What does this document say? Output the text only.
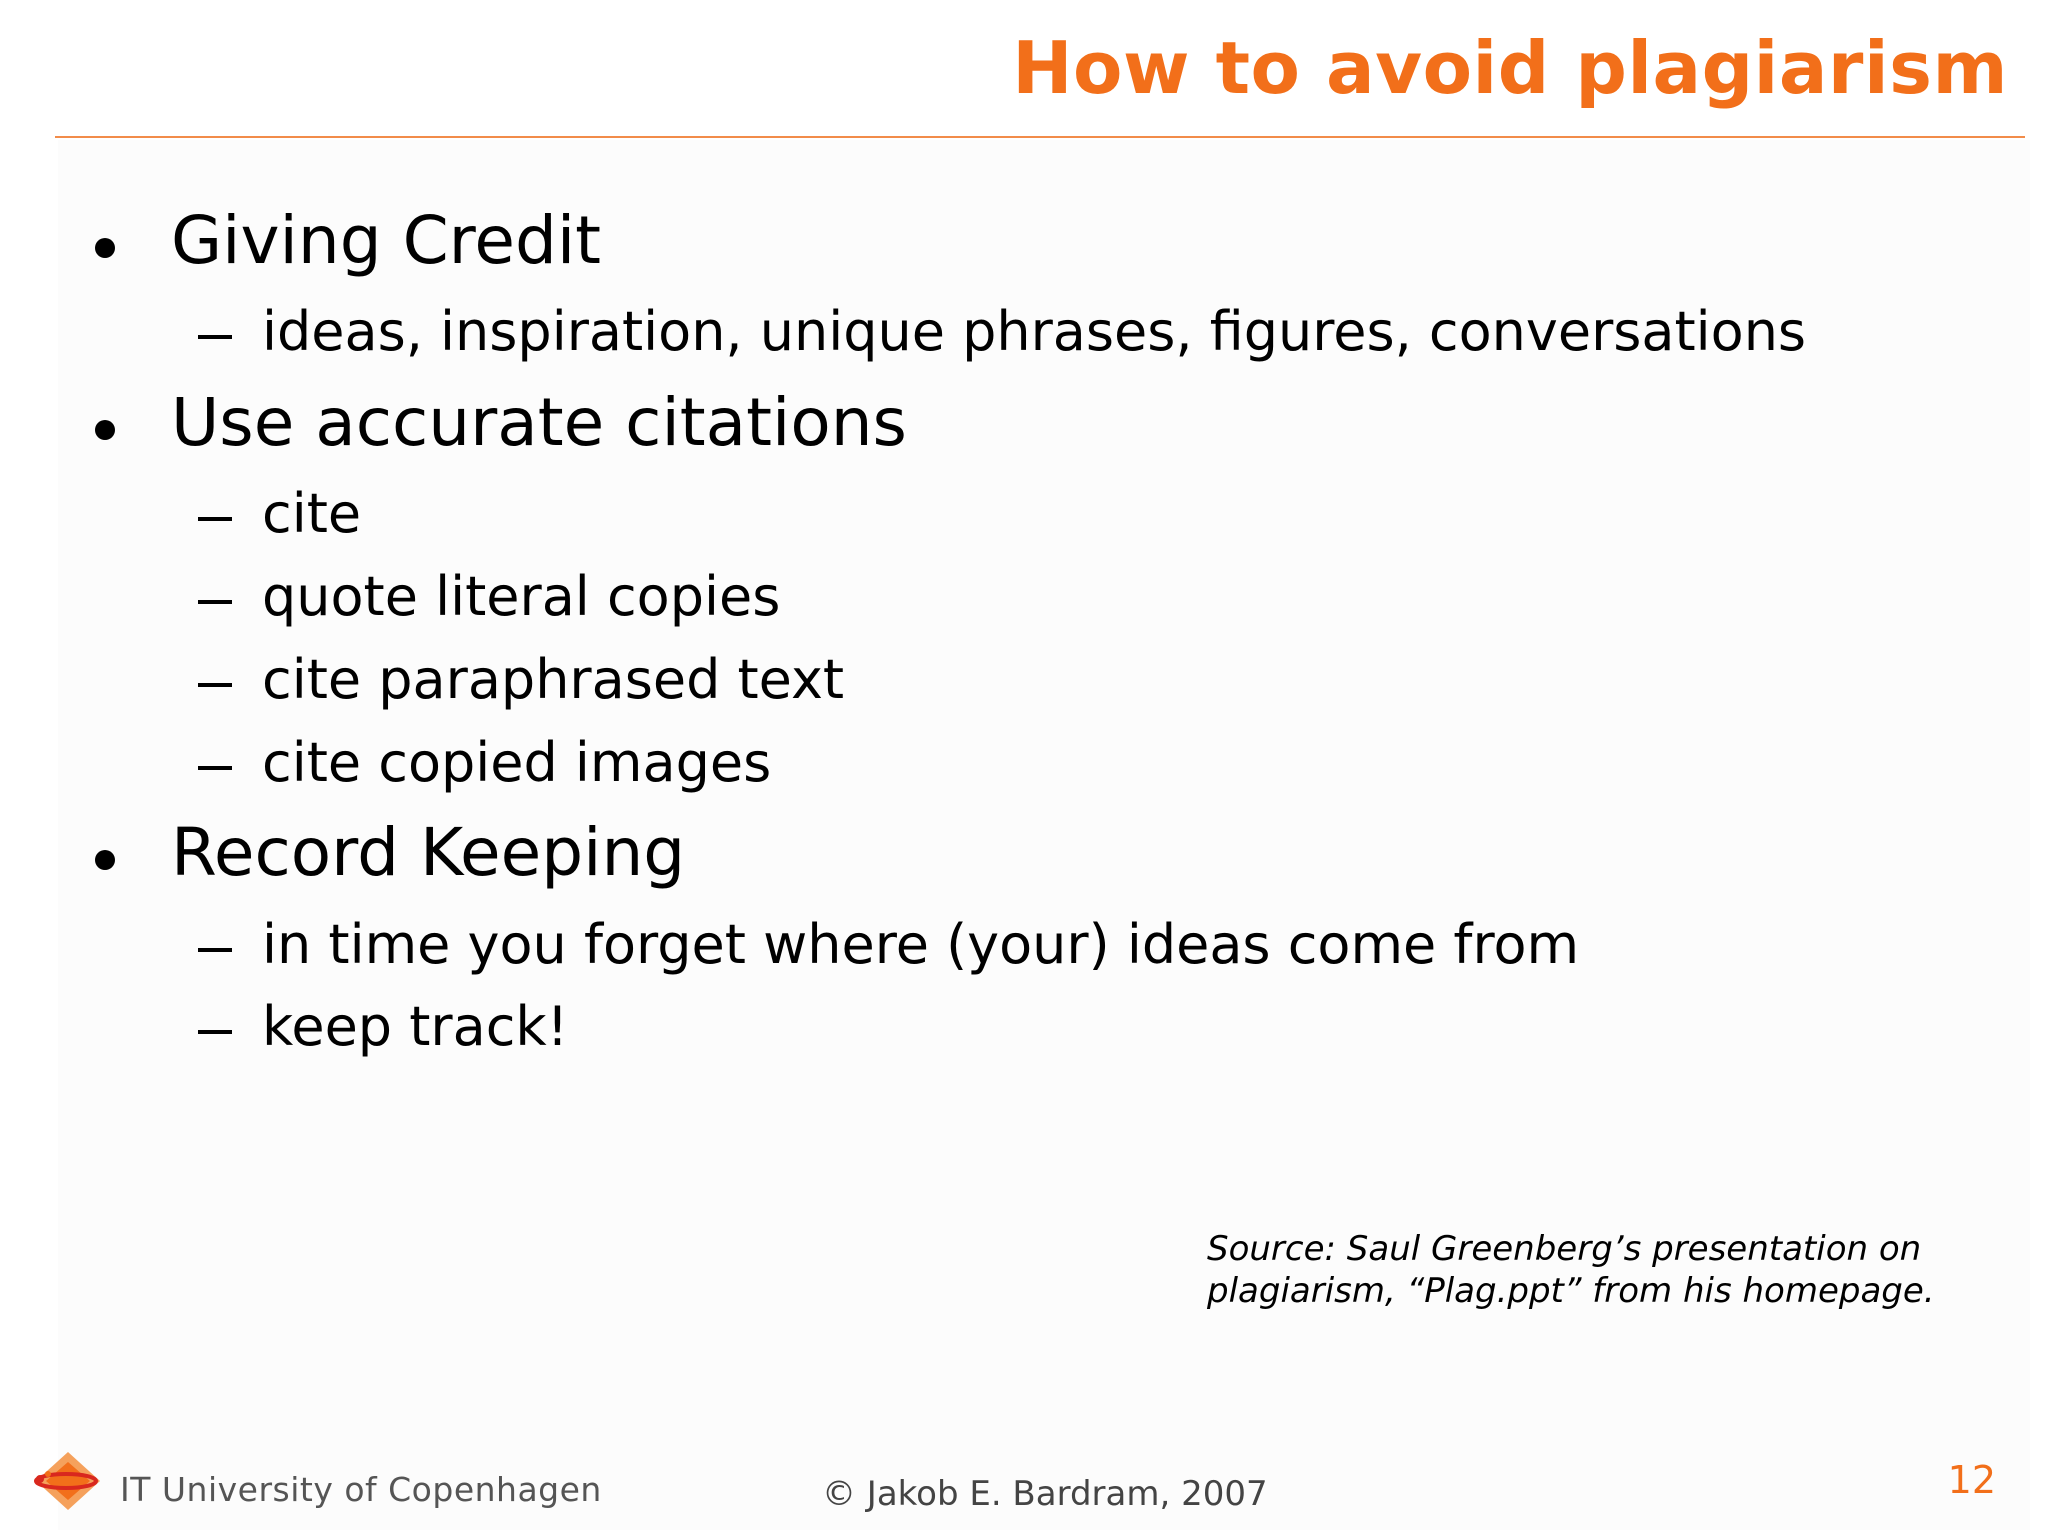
How to avoid plagiarism
Giving Credit
ideas, inspiration, unique phrases, figures, conversations
Use accurate citations
cite
quote literal copies
cite paraphrased text
cite copied images
Record Keeping
in time you forget where (your) ideas come from
keep track!
Source: Saul Greenberg’s presentation on
plagiarism, “Plag.ppt” from his homepage.
IT University of Copenhagen	© Jakob E. Bardram, 2007	12
